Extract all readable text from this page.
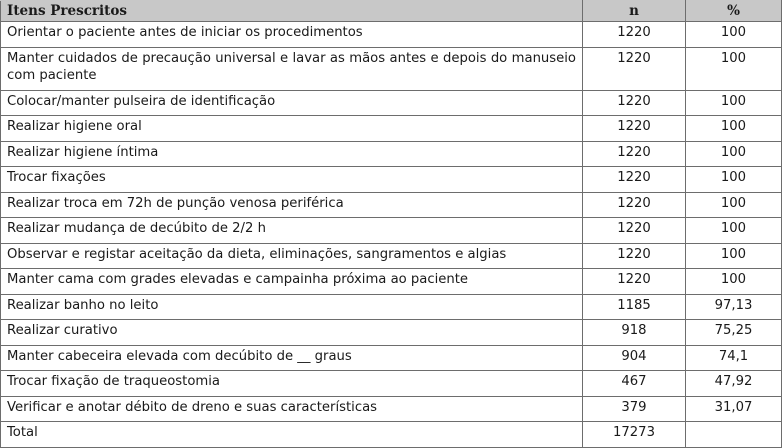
Itens Prescritos	n	%
Orientar o paciente antes de iniciar os procedimentos	1220	100
Manter cuidados de precaução universal e lavar as mãos antes e depois do manuseio com paciente	1220	100
Colocar/manter pulseira de identificação	1220	100
Realizar higiene oral	1220	100
Realizar higiene íntima	1220	100
Trocar fixações	1220	100
Realizar troca em 72h de punção venosa periférica	1220	100
Realizar mudança de decúbito de 2/2 h	1220	100
Observar e registar aceitação da dieta, eliminações, sangramentos e algias	1220	100
Manter cama com grades elevadas e campainha próxima ao paciente	1220	100
Realizar banho no leito	1185	97,13
Realizar curativo	918	75,25
Manter cabeceira elevada com decúbito de __ graus	904	74,1
Trocar fixação de traqueostomia	467	47,92
Verificar e anotar débito de dreno e suas características	379	31,07
Total	17273	
